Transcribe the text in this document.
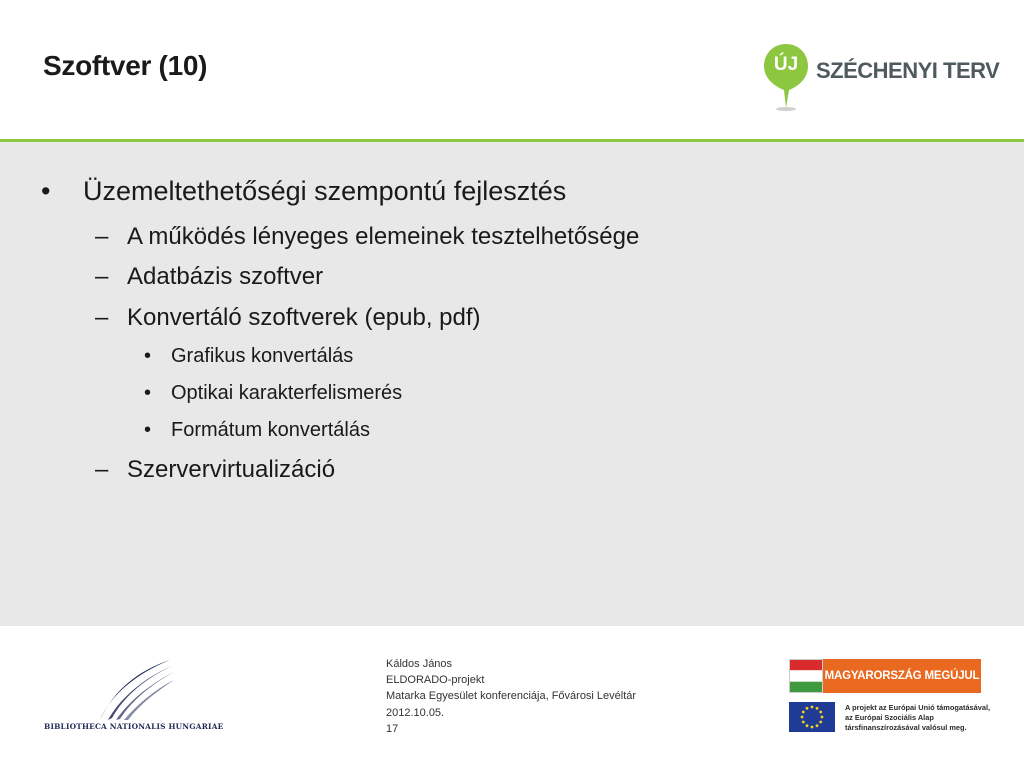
Szoftver (10)	ÚJ SZÉCHENYI TERV
• Üzemeltethetőségi szempontú fejlesztés
– A működés lényeges elemeinek tesztelhetősége
– Adatbázis szoftver
– Konvertáló szoftverek (epub, pdf)
• Grafikus konvertálás
• Optikai karakterfelismerés
• Formátum konvertálás
– Szervervirtualizáció
BIBLIOTHECA NATIONALIS HUNGARIAE
Káldos János
ELDORADO-projekt
Matarka Egyesület konferenciája, Fővárosi Levéltár
2012.10.05.
17
MAGYARORSZÁG MEGÚJUL
A projekt az Európai Unió támogatásával,
az Európai Szociális Alap
társfinanszírozásával valósul meg.
